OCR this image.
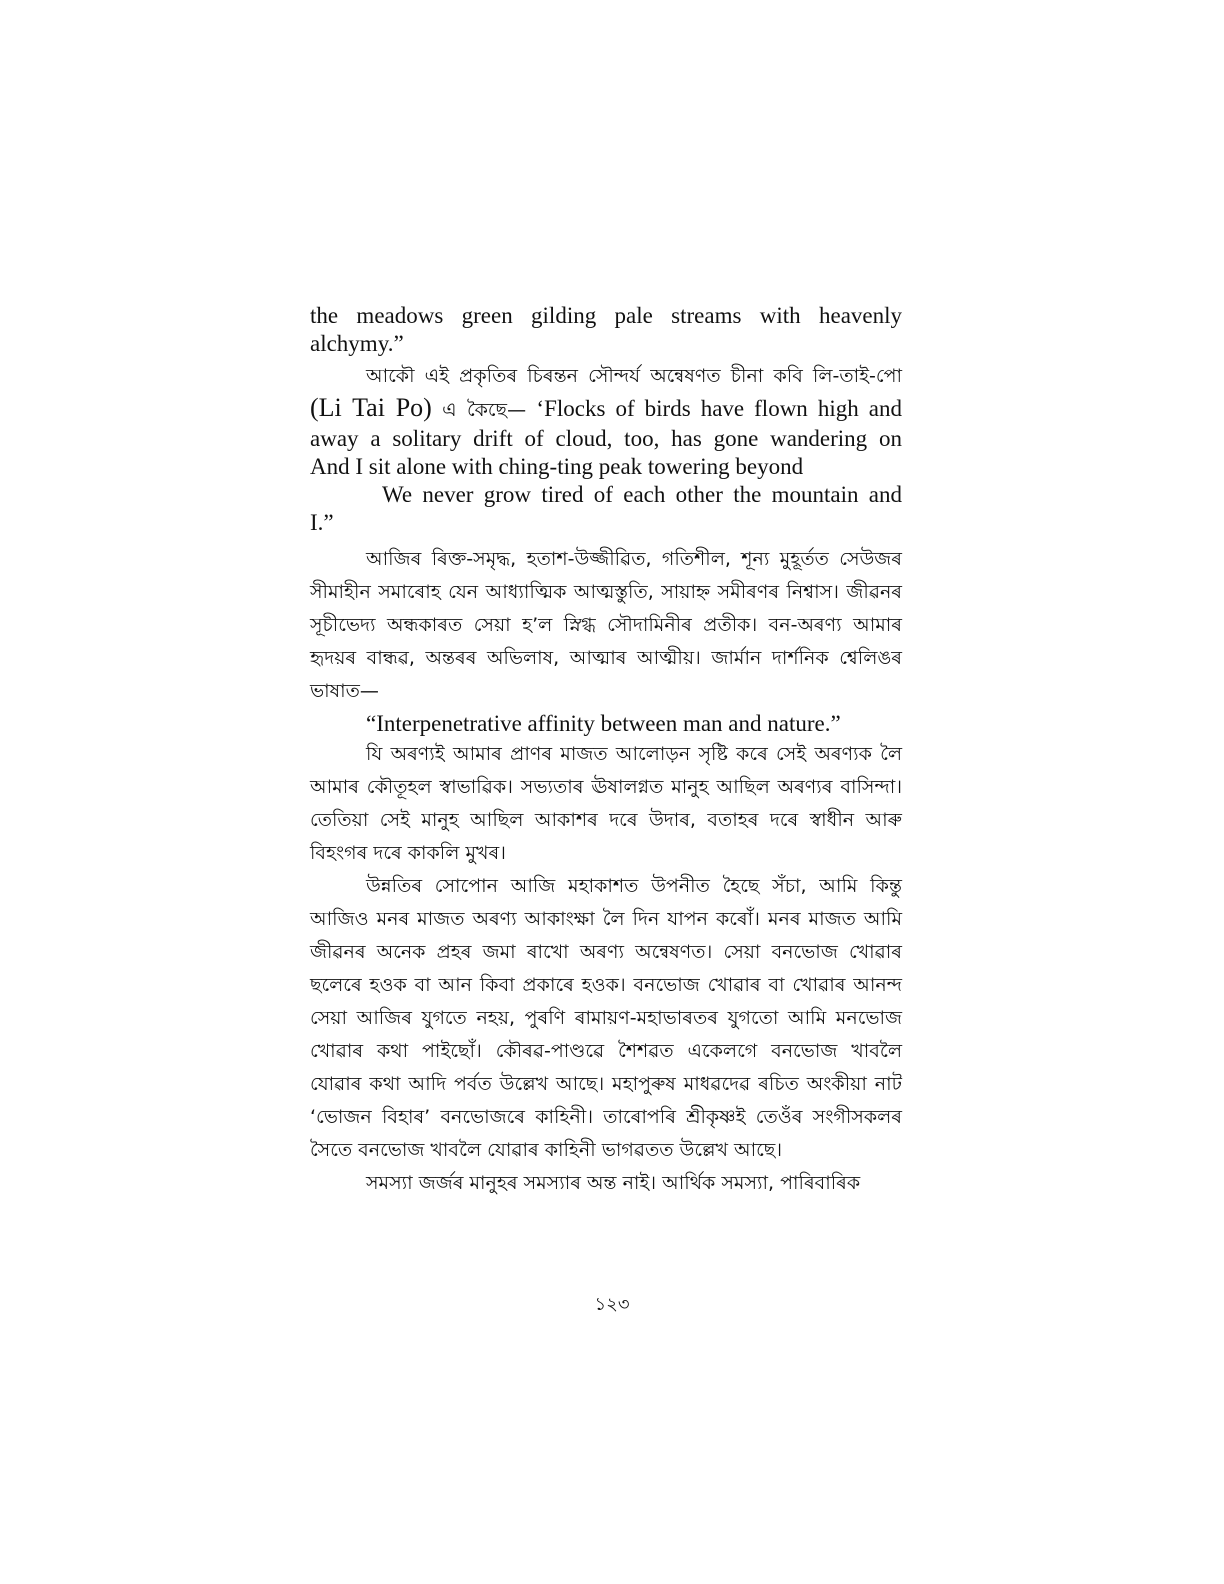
the meadows green gilding pale streams with heavenly

alchymy.”

আকৌ এই প্ৰকৃতিৰ চিৰন্তন সৌন্দৰ্য অন্বেষণত চীনা কবি লি-তাই-পো

(Li Tai Po) এ কৈছে— ‘Flocks of birds have flown high and

away a solitary drift of cloud, too, has gone wandering on

And I sit alone with ching-ting peak towering beyond

We never grow tired of each other the mountain and

I.”

আজিৰ ৰিক্ত-সমৃদ্ধ, হতাশ-উজ্জীৱিত, গতিশীল, শূন্য মুহূৰ্তত সেউজৰ সীমাহীন সমাৰোহ যেন আধ্যাত্মিক আত্মস্তুতি, সায়াহ্ন সমীৰণৰ নিশ্বাস। জীৱনৰ সূচীভেদ্য অন্ধকাৰত সেয়া হ’ল স্নিগ্ধ সৌদামিনীৰ প্ৰতীক। বন-অৰণ্য আমাৰ হৃদয়ৰ বান্ধৱ, অন্তৰৰ অভিলাষ, আত্মাৰ আত্মীয়। জাৰ্মান দাৰ্শনিক শ্বেলিঙৰ ভাষাত—

“Interpenetrative affinity between man and nature.”

যি অৰণ্যই আমাৰ প্ৰাণৰ মাজত আলোড়ন সৃষ্টি কৰে সেই অৰণ্যক লৈ আমাৰ কৌতূহল স্বাভাৱিক। সভ্যতাৰ ঊষালগ্নত মানুহ আছিল অৰণ্যৰ বাসিন্দা। তেতিয়া সেই মানুহ আছিল আকাশৰ দৰে উদাৰ, বতাহৰ দৰে স্বাধীন আৰু বিহংগৰ দৰে কাকলি মুখৰ।

উন্নতিৰ সোপোন আজি মহাকাশত উপনীত হৈছে সঁচা, আমি কিন্তু আজিও মনৰ মাজত অৰণ্য আকাংক্ষা লৈ দিন যাপন কৰোঁ। মনৰ মাজত আমি জীৱনৰ অনেক প্ৰহৰ জমা ৰাখো অৰণ্য অন্বেষণত। সেয়া বনভোজ খোৱাৰ ছলেৰে হওক বা আন কিবা প্ৰকাৰে হওক। বনভোজ খোৱাৰ বা খোৱাৰ আনন্দ সেয়া আজিৰ যুগতে নহয়, পুৰণি ৰামায়ণ-মহাভাৰতৰ যুগতো আমি মনভোজ খোৱাৰ কথা পাইছোঁ। কৌৰৱ-পাণ্ডৱে শৈশৱত একেলগে বনভোজ খাবলৈ যোৱাৰ কথা আদি পৰ্বত উল্লেখ আছে। মহাপুৰুষ মাধৱদেৱ ৰচিত অংকীয়া নাট ‘ভোজন বিহাৰ’ বনভোজৰে কাহিনী। তাৰোপৰি শ্ৰীকৃষ্ণই তেওঁৰ সংগীসকলৰ সৈতে বনভোজ খাবলৈ যোৱাৰ কাহিনী ভাগৱতত উল্লেখ আছে।

সমস্যা জৰ্জৰ মানুহৰ সমস্যাৰ অন্ত নাই। আৰ্থিক সমস্যা, পাৰিবাৰিক

১২৩
